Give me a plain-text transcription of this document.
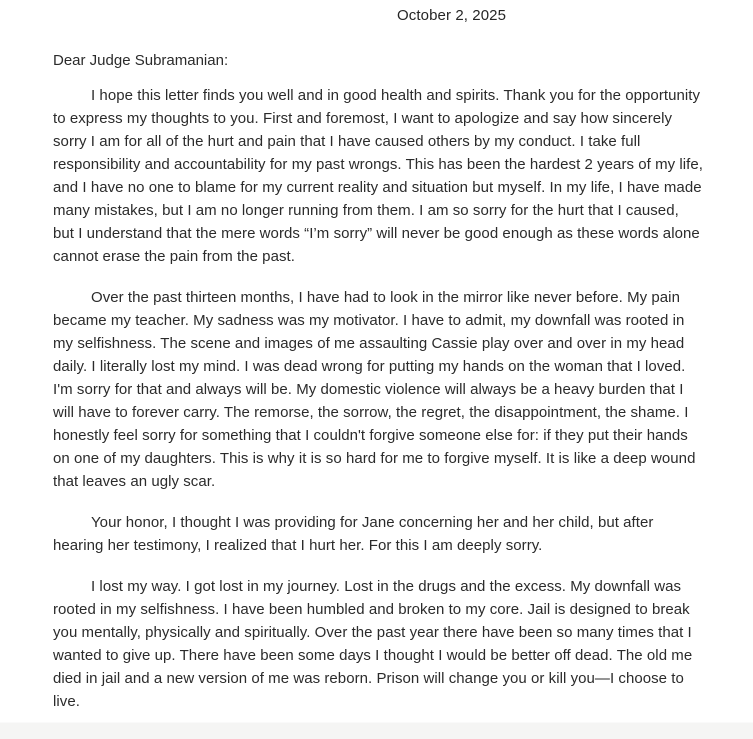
October 2, 2025
Dear Judge Subramanian:

I hope this letter finds you well and in good health and spirits. Thank you for the opportunity to express my thoughts to you. First and foremost, I want to apologize and say how sincerely sorry I am for all of the hurt and pain that I have caused others by my conduct. I take full responsibility and accountability for my past wrongs. This has been the hardest 2 years of my life, and I have no one to blame for my current reality and situation but myself. In my life, I have made many mistakes, but I am no longer running from them. I am so sorry for the hurt that I caused, but I understand that the mere words “I’m sorry” will never be good enough as these words alone cannot erase the pain from the past.

Over the past thirteen months, I have had to look in the mirror like never before. My pain became my teacher. My sadness was my motivator. I have to admit, my downfall was rooted in my selfishness. The scene and images of me assaulting Cassie play over and over in my head daily. I literally lost my mind. I was dead wrong for putting my hands on the woman that I loved. I'm sorry for that and always will be. My domestic violence will always be a heavy burden that I will have to forever carry. The remorse, the sorrow, the regret, the disappointment, the shame. I honestly feel sorry for something that I couldn't forgive someone else for: if they put their hands on one of my daughters. This is why it is so hard for me to forgive myself. It is like a deep wound that leaves an ugly scar.

Your honor, I thought I was providing for Jane concerning her and her child, but after hearing her testimony, I realized that I hurt her. For this I am deeply sorry.

I lost my way. I got lost in my journey. Lost in the drugs and the excess. My downfall was rooted in my selfishness. I have been humbled and broken to my core. Jail is designed to break you mentally, physically and spiritually. Over the past year there have been so many times that I wanted to give up. There have been some days I thought I would be better off dead. The old me died in jail and a new version of me was reborn. Prison will change you or kill you—I choose to live.
